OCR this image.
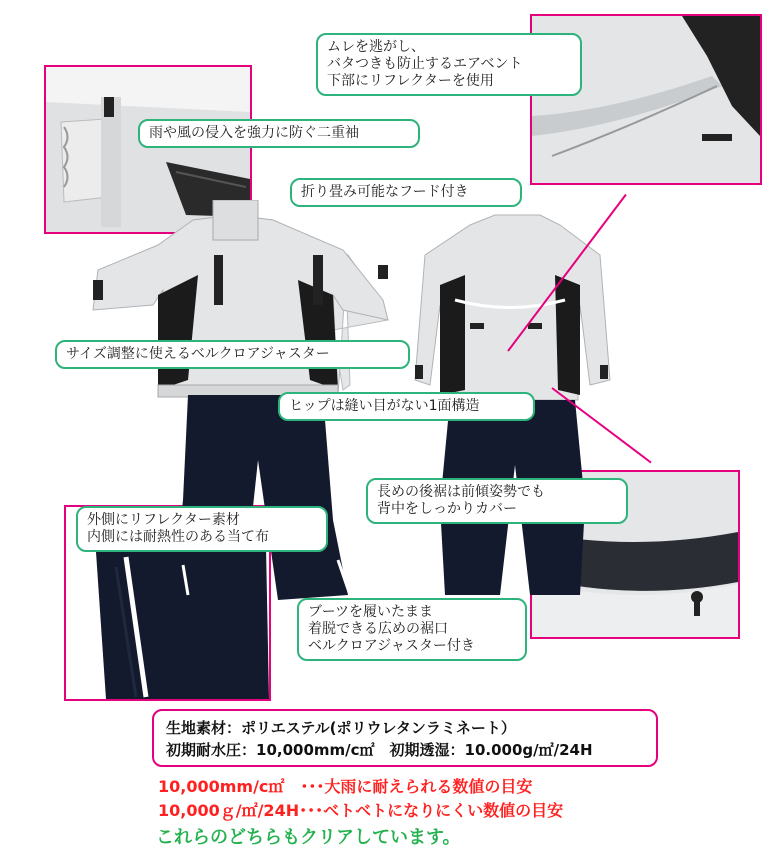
ムレを逃がし、
バタつきも防止するエアベント
下部にリフレクターを使用
雨や風の侵入を強力に防ぐ二重袖
折り畳み可能なフード付き
サイズ調整に使えるベルクロアジャスター
ヒップは縫い目がない1面構造
長めの後裾は前傾姿勢でも
背中をしっかりカバー
外側にリフレクター素材
内側には耐熱性のある当て布
ブーツを履いたまま
着脱できる広めの裾口
ベルクロアジャスター付き
生地素材：ポリエステル(ポリウレタンラミネート）
初期耐水圧：10,000mm/c㎡　初期透湿：10.000g/㎡/24H
10,000mm/c㎡　･･･大雨に耐えられる数値の目安
10,000ｇ/㎡/24H･･･ベトベトになりにくい数値の目安
これらのどちらもクリアしています。
